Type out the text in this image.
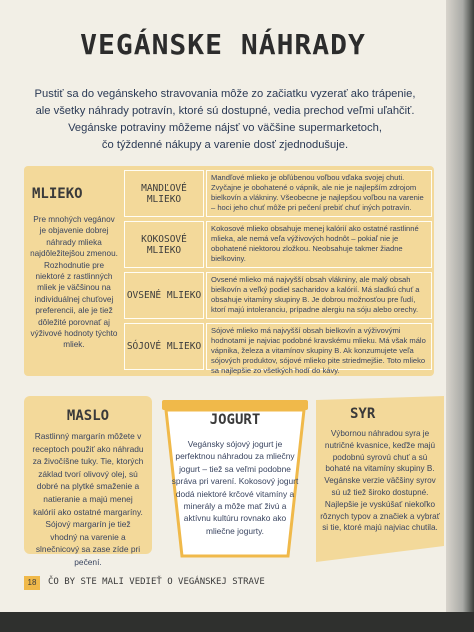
VEGÁNSKE NÁHRADY
Pustiť sa do vegánskeho stravovania môže zo začiatku vyzerať ako trápenie,
ale všetky náhrady potravín, ktoré sú dostupné, vedia prechod veľmi uľahčiť.
Vegánske potraviny môžeme nájsť vo väčšine supermarketoch,
čo týždenné nákupy a varenie dosť zjednodušuje.
MLIEKO
Pre mnohých vegánov je objavenie dobrej náhrady mlieka najdôležitejšou zmenou. Rozhodnutie pre niektoré z rastlinných mliek je väčšinou na individuálnej chuťovej preferencii, ale je tiež dôležité porovnať aj výživové hodnoty týchto mliek.
MANDĽOVÉ MLIEKO
Mandľové mlieko je obľúbenou voľbou vďaka svojej chuti. Zvyčajne je obohatené o vápnik, ale nie je najlepším zdrojom bielkovín a vlákniny. Všeobecne je najlepšou voľbou na varenie – hoci jeho chuť môže pri pečení prebiť chuť iných potravín.
KOKOSOVÉ MLIEKO
Kokosové mlieko obsahuje menej kalórií ako ostatné rastlinné mlieka, ale nemá veľa výživových hodnôt – pokiaľ nie je obohatené niektorou zložkou. Neobsahuje takmer žiadne bielkoviny.
OVSENÉ MLIEKO
Ovsené mlieko má najvyšší obsah vlákniny, ale malý obsah bielkovín a veľký podiel sacharidov a kalórií. Má sladkú chuť a obsahuje vitamíny skupiny B. Je dobrou možnosťou pre ľudí, ktorí majú intoleranciu, prípadne alergiu na sóju alebo orechy.
SÓJOVÉ MLIEKO
Sójové mlieko má najvyšší obsah bielkovín a výživovými hodnotami je najviac podobné kravskému mlieku. Má však málo vápnika, železa a vitamínov skupiny B. Ak konzumujete veľa sójových produktov, sójové mlieko pite striedmejšie. Toto mlieko sa najlepšie zo všetkých hodí do kávy.
MASLO
Rastlinný margarín môžete v receptoch použiť ako náhradu za živočíšne tuky. Tie, ktorých základ tvorí olivový olej, sú dobré na plytké smaženie a natieranie a majú menej kalórií ako ostatné margaríny. Sójový margarín je tiež vhodný na varenie a slnečnicový sa zase zíde pri pečení.
JOGURT
Vegánsky sójový jogurt je perfektnou náhradou za mliečny jogurt – tiež sa veľmi podobne správa pri varení. Kokosový jogurt dodá niektoré krčové vitamíny a minerály a môže mať živú a aktívnu kultúru rovnako ako mliečne jogurty.
SYR
Výbornou náhradou syra je nutričné kvasnice, keďže majú podobnú syrovú chuť a sú bohaté na vitamíny skupiny B. Vegánske verzie väčšiny syrov sú už tiež široko dostupné. Najlepšie je vyskúšať niekoľko rôznych typov a značiek a vybrať si tie, ktoré majú najviac chutila.
18	ČO BY STE MALI VEDIEŤ O VEGÁNSKEJ STRAVE
